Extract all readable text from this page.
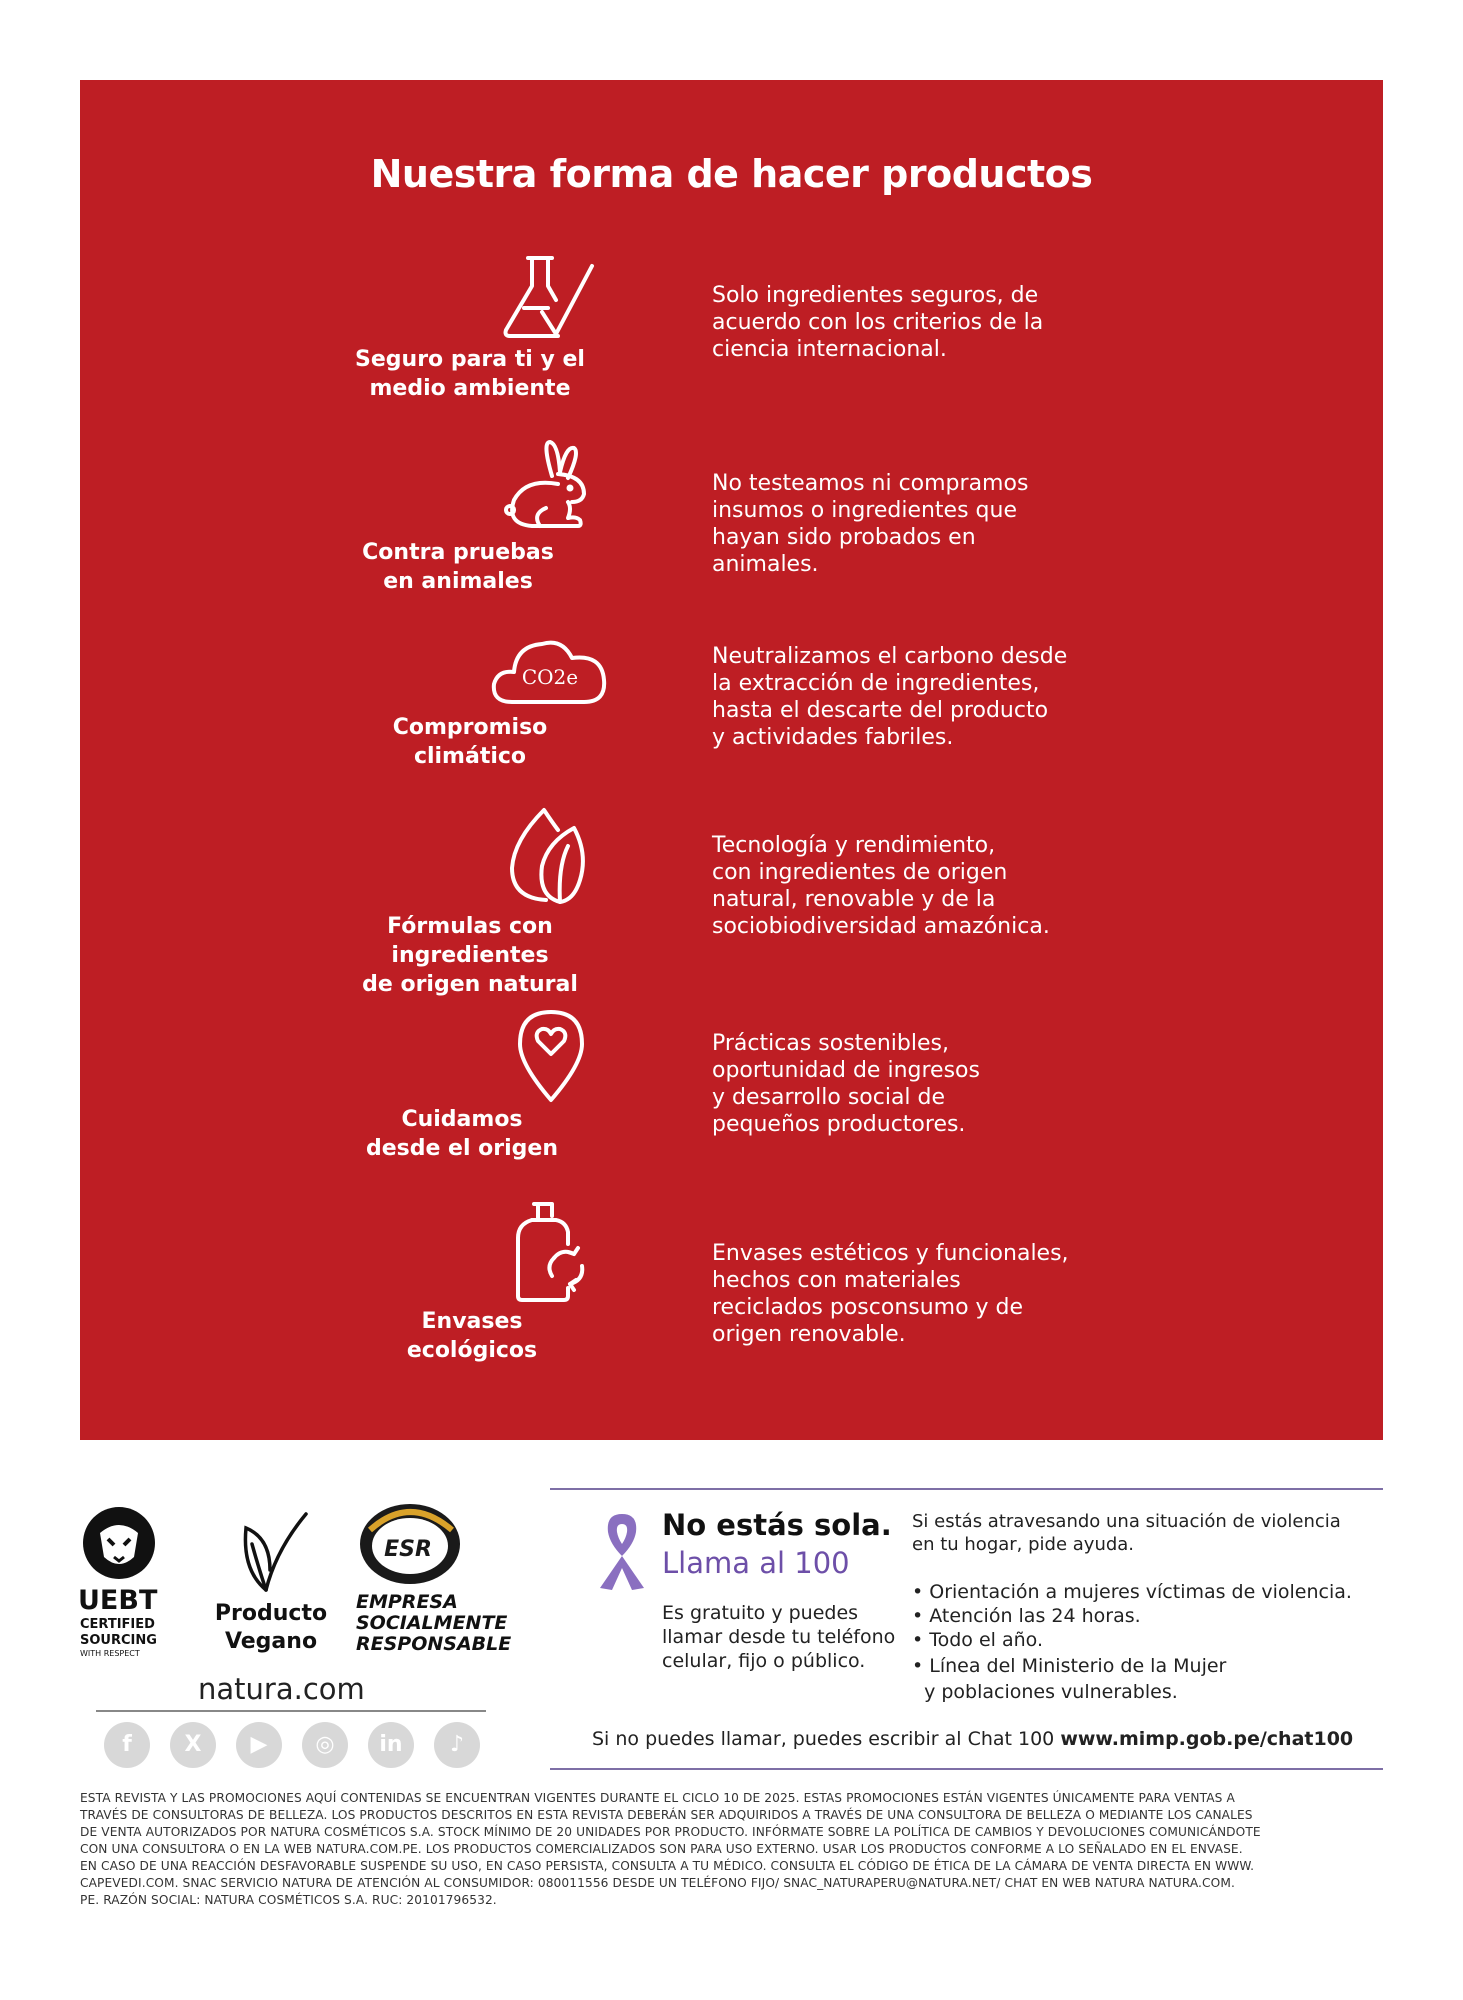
Nuestra forma de hacer productos
Seguro para ti y el
medio ambiente
Solo ingredientes seguros, de
acuerdo con los criterios de la
ciencia internacional.
Contra pruebas
en animales
No testeamos ni compramos
insumos o ingredientes que
hayan sido probados en
animales.
CO2e
Compromiso
climático
Neutralizamos el carbono desde
la extracción de ingredientes,
hasta el descarte del producto
y actividades fabriles.
Fórmulas con ingredientes
de origen natural
Tecnología y rendimiento,
con ingredientes de origen
natural, renovable y de la
sociobiodiversidad amazónica.
Cuidamos
desde el origen
Prácticas sostenibles,
oportunidad de ingresos
y desarrollo social de
pequeños productores.
Envases
ecológicos
Envases estéticos y funcionales,
hechos con materiales
reciclados posconsumo y de
origen renovable.
UEBT
CERTIFIED
SOURCING
WITH RESPECT
Producto
Vegano
ESR
EMPRESA
SOCIALMENTE
RESPONSABLE
natura.com
f	X	▶	◎	in	♪
No estás sola.
Llama al 100
Es gratuito y puedes
llamar desde tu teléfono
celular, fijo o público.
Si estás atravesando una situación de violencia
en tu hogar, pide ayuda.
• Orientación a mujeres víctimas de violencia.
• Atención las 24 horas.
• Todo el año.
• Línea del Ministerio de la Mujer
y poblaciones vulnerables.
Si no puedes llamar, puedes escribir al Chat 100 www.mimp.gob.pe/chat100
ESTA REVISTA Y LAS PROMOCIONES AQUÍ CONTENIDAS SE ENCUENTRAN VIGENTES DURANTE EL CICLO 10 DE 2025. ESTAS PROMOCIONES ESTÁN VIGENTES ÚNICAMENTE PARA VENTAS A
TRAVÉS DE CONSULTORAS DE BELLEZA. LOS PRODUCTOS DESCRITOS EN ESTA REVISTA DEBERÁN SER ADQUIRIDOS A TRAVÉS DE UNA CONSULTORA DE BELLEZA O MEDIANTE LOS CANALES
DE VENTA AUTORIZADOS POR NATURA COSMÉTICOS S.A. STOCK MÍNIMO DE 20 UNIDADES POR PRODUCTO. INFÓRMATE SOBRE LA POLÍTICA DE CAMBIOS Y DEVOLUCIONES COMUNICÁNDOTE
CON UNA CONSULTORA O EN LA WEB NATURA.COM.PE. LOS PRODUCTOS COMERCIALIZADOS SON PARA USO EXTERNO. USAR LOS PRODUCTOS CONFORME A LO SEÑALADO EN EL ENVASE.
EN CASO DE UNA REACCIÓN DESFAVORABLE SUSPENDE SU USO, EN CASO PERSISTA, CONSULTA A TU MÉDICO. CONSULTA EL CÓDIGO DE ÉTICA DE LA CÁMARA DE VENTA DIRECTA EN WWW.
CAPEVEDI.COM. SNAC SERVICIO NATURA DE ATENCIÓN AL CONSUMIDOR: 080011556 DESDE UN TELÉFONO FIJO/ SNAC_NATURAPERU@NATURA.NET/ CHAT EN WEB NATURA NATURA.COM.
PE. RAZÓN SOCIAL: NATURA COSMÉTICOS S.A. RUC: 20101796532.
